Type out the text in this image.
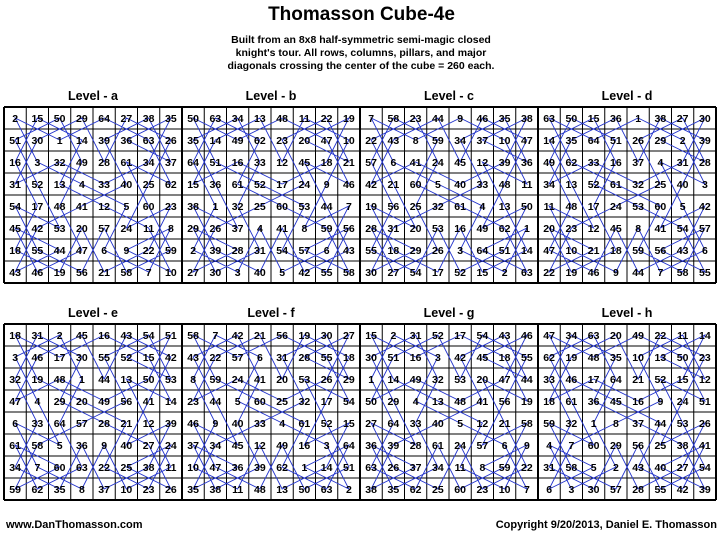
Thomasson Cube-4e
Built from an 8x8 half-symmetric semi-magic closed
knight's tour. All rows, columns, pillars, and major
diagonals crossing the center of the cube = 260 each.
Level - a
2 15 50 29 64 27 38 35
51 30 1 14 39 36 63 26
16 3 32 49 28 61 34 37
31 52 13 4 33 40 25 62
54 17 48 41 12 5 60 23
45 42 53 20 57 24 11 8
18 55 44 47 6 9 22 59
43 46 19 56 21 58 7 10
Level - b
50 63 34 13 48 11 22 19
35 14 49 62 23 20 47 10
64 51 16 33 12 45 18 21
15 36 61 52 17 24 9 46
38 1 32 25 60 53 44 7
29 26 37 4 41 8 59 56
2 39 28 31 54 57 6 43
27 30 3 40 5 42 55 58
Level - c
7 58 23 44 9 46 35 38
22 43 8 59 34 37 10 47
57 6 41 24 45 12 39 36
42 21 60 5 40 33 48 11
19 56 25 32 61 4 13 50
28 31 20 53 16 49 62 1
55 18 29 26 3 64 51 14
30 27 54 17 52 15 2 63
Level - d
63 50 15 36 1 38 27 30
14 35 64 51 26 29 2 39
49 62 33 16 37 4 31 28
34 13 52 61 32 25 40 3
11 48 17 24 53 60 5 42
20 23 12 45 8 41 54 57
47 10 21 18 59 56 43 6
22 19 46 9 44 7 58 55
Level - e
18 31 2 45 16 43 54 51
3 46 17 30 55 52 15 42
32 19 48 1 44 13 50 53
47 4 29 20 49 56 41 14
6 33 64 57 28 21 12 39
61 58 5 36 9 40 27 24
34 7 60 63 22 25 38 11
59 62 35 8 37 10 23 26
Level - f
58 7 42 21 56 19 30 27
43 22 57 6 31 28 55 18
8 59 24 41 20 53 26 29
23 44 5 60 25 32 17 54
46 9 40 33 4 61 52 15
37 34 45 12 49 16 3 64
10 47 36 39 62 1 14 51
35 38 11 48 13 50 63 2
Level - g
15 2 31 52 17 54 43 46
30 51 16 3 42 45 18 55
1 14 49 32 53 20 47 44
50 29 4 13 48 41 56 19
27 64 33 40 5 12 21 58
36 39 28 61 24 57 6 9
63 26 37 34 11 8 59 22
38 35 62 25 60 23 10 7
Level - h
47 34 63 20 49 22 11 14
62 19 48 35 10 13 50 23
33 46 17 64 21 52 15 12
18 61 36 45 16 9 24 51
59 32 1 8 37 44 53 26
4 7 60 29 56 25 38 41
31 58 5 2 43 40 27 54
6 3 30 57 28 55 42 39
www.DanThomasson.com	Copyright 9/20/2013, Daniel E. Thomasson
